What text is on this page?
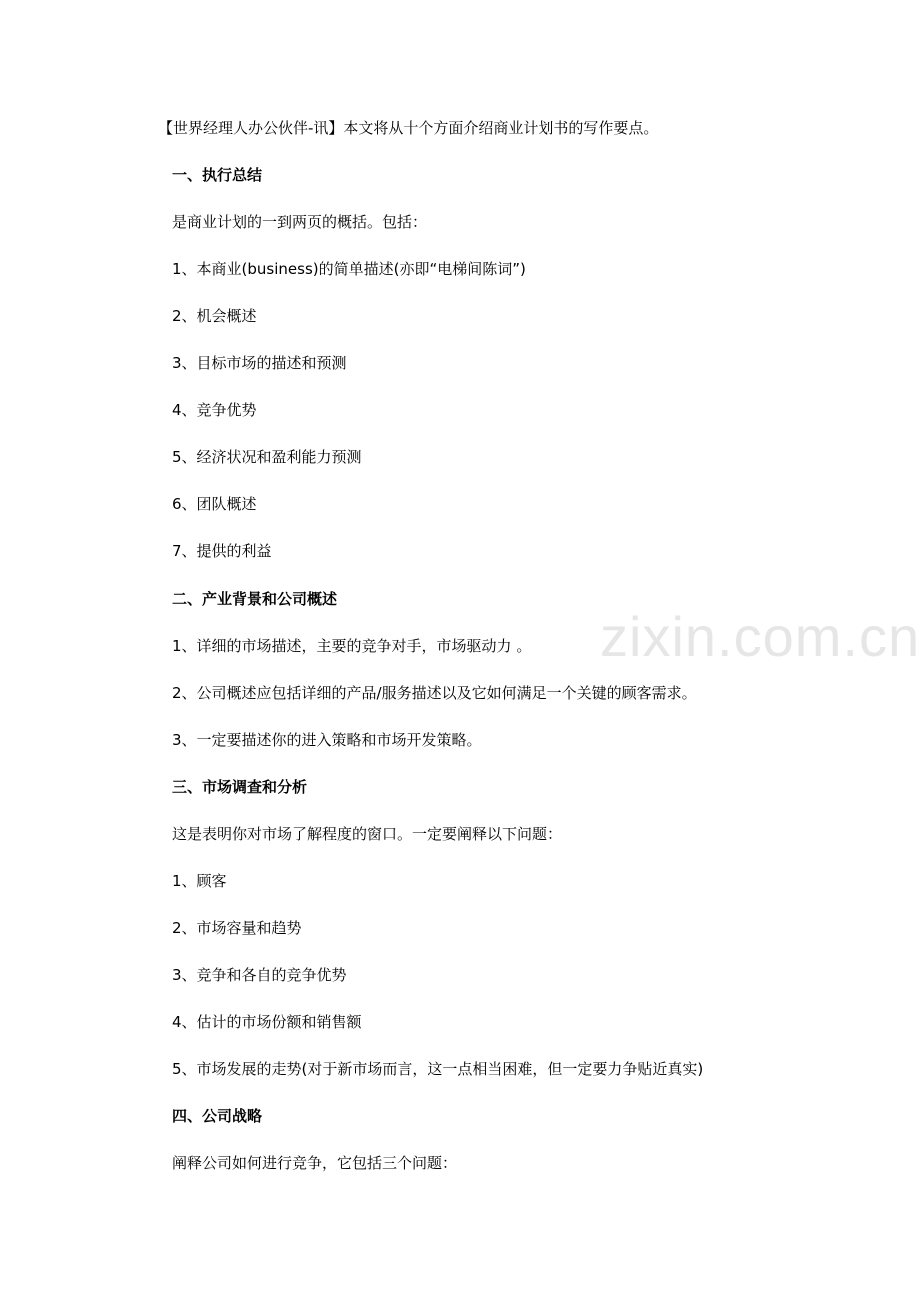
zixin.com.cn
【世界经理人办公伙伴-讯】本文将从十个方面介绍商业计划书的写作要点。
一、执行总结
是商业计划的一到两页的概括。包括：
1、本商业(business)的简单描述(亦即“电梯间陈词”)
2、机会概述
3、目标市场的描述和预测
4、竞争优势
5、经济状况和盈利能力预测
6、团队概述
7、提供的利益
二、产业背景和公司概述
1、详细的市场描述，主要的竞争对手，市场驱动力 。
2、公司概述应包括详细的产品/服务描述以及它如何满足一个关键的顾客需求。
3、一定要描述你的进入策略和市场开发策略。
三、市场调查和分析
这是表明你对市场了解程度的窗口。一定要阐释以下问题：
1、顾客
2、市场容量和趋势
3、竞争和各自的竞争优势
4、估计的市场份额和销售额
5、市场发展的走势(对于新市场而言，这一点相当困难，但一定要力争贴近真实)
四、公司战略
阐释公司如何进行竞争，它包括三个问题：
